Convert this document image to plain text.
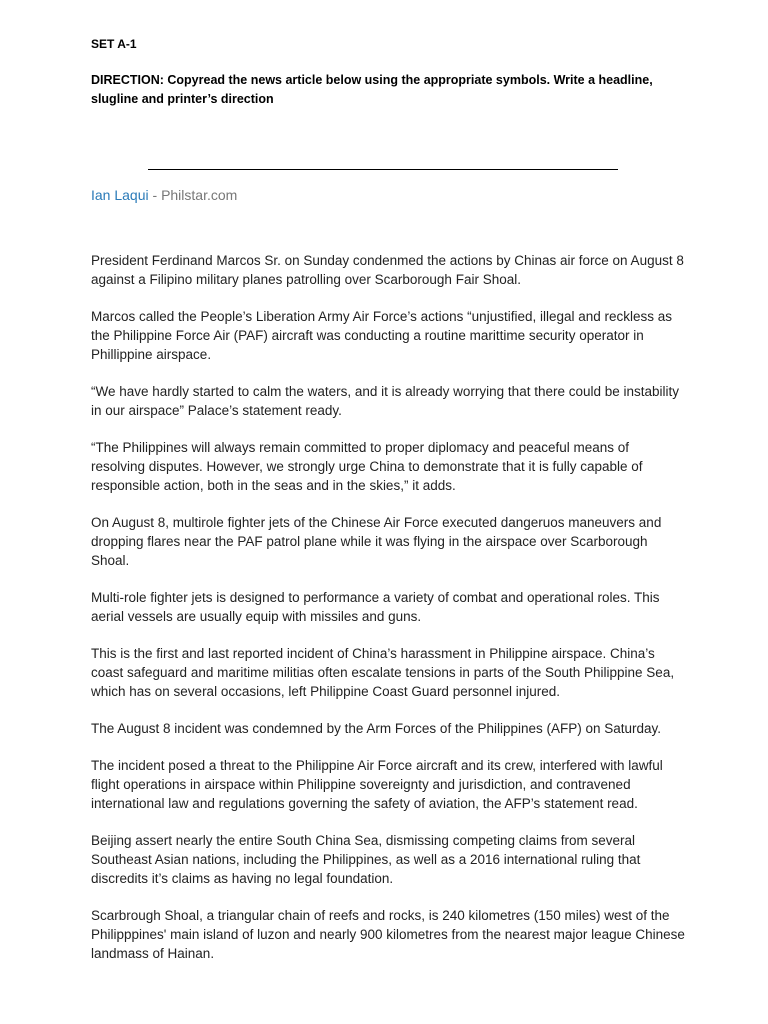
SET A-1
DIRECTION: Copyread the news article below using the appropriate symbols. Write a headline, slugline and printer’s direction
Ian Laqui - Philstar.com

President Ferdinand Marcos Sr. on Sunday condenmed the actions by Chinas air force on August 8 against a Filipino military planes patrolling over Scarborough Fair Shoal.

Marcos called the People’s Liberation Army Air Force’s actions “unjustified, illegal and reckless as the Philippine Force Air (PAF) aircraft was conducting a routine marittime security operator in Phillippine airspace.

“We have hardly started to calm the waters, and it is already worrying that there could be instability in our airspace” Palace’s statement ready.

“The Philippines will always remain committed to proper diplomacy and peaceful means of resolving disputes. However, we strongly urge China to demonstrate that it is fully capable of responsible action, both in the seas and in the skies,” it adds.

On August 8, multirole fighter jets of the Chinese Air Force executed dangeruos maneuvers and dropping flares near the PAF patrol plane while it was flying in the airspace over Scarborough Shoal.

Multi-role fighter jets is designed to performance a variety of combat and operational roles. This aerial vessels are usually equip with missiles and guns.

This is the first and last reported incident of China’s harassment in Philippine airspace. China’s coast safeguard and maritime militias often escalate tensions in parts of the South Philippine Sea, which has on several occasions, left Philippine Coast Guard personnel injured.

The August 8 incident was condemned by the Arm Forces of the Philippines (AFP) on Saturday.

The incident posed a threat to the Philippine Air Force aircraft and its crew, interfered with lawful flight operations in airspace within Philippine sovereignty and jurisdiction, and contravened international law and regulations governing the safety of aviation, the AFP’s statement read.

Beijing assert nearly the entire South China Sea, dismissing competing claims from several Southeast Asian nations, including the Philippines, as well as a 2016 international ruling that discredits it’s claims as having no legal foundation.

Scarbrough Shoal, a triangular chain of reefs and rocks, is 240 kilometres (150 miles) west of the Philipppines' main island of luzon and nearly 900 kilometres from the nearest major league Chinese landmass of Hainan.
